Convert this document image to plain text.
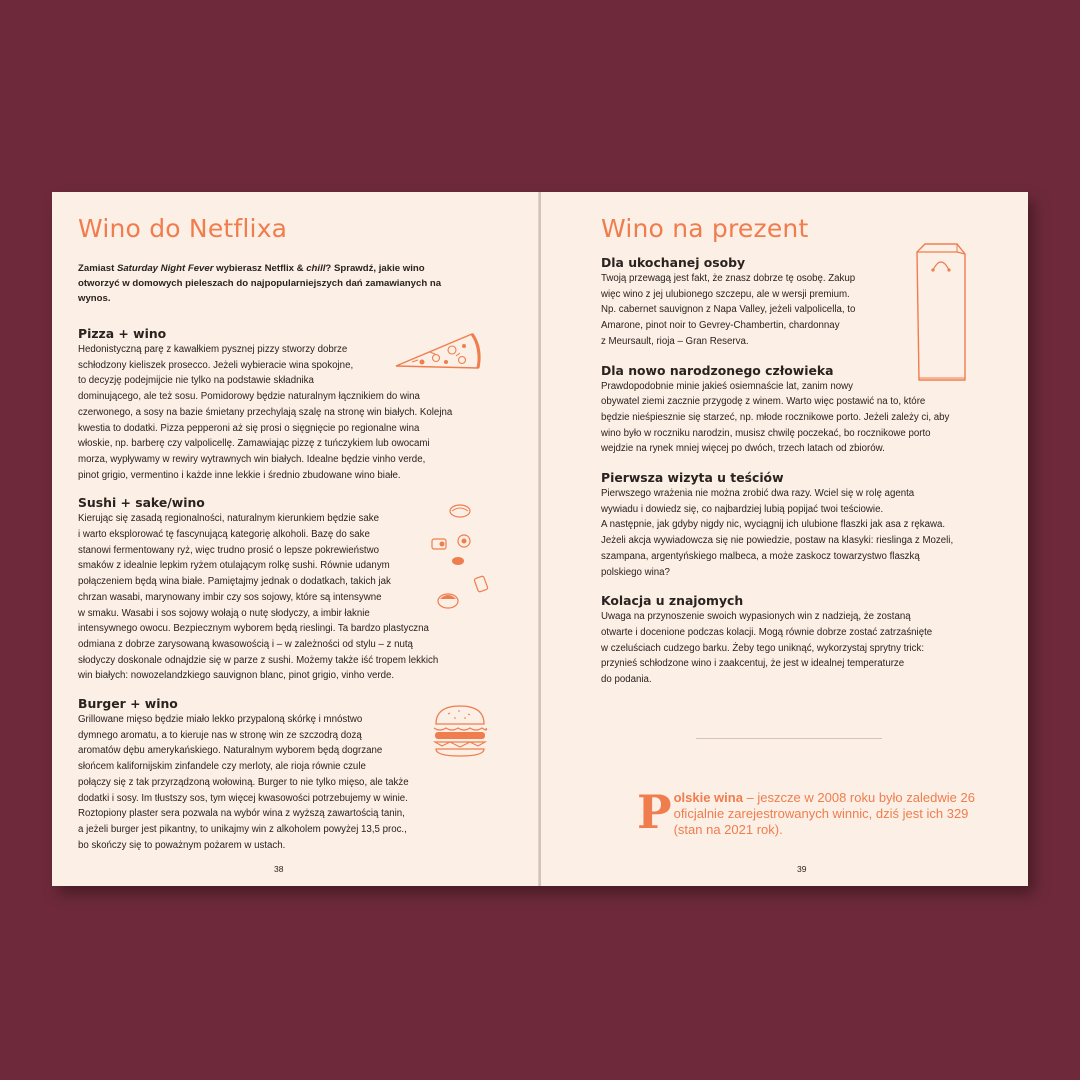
Wino do Netflixa

Zamiast Saturday Night Fever wybierasz Netflix & chill? Sprawdź, jakie wino otworzyć w domowych pieleszach do najpopularniejszych dań zamawianych na wynos.

Pizza + wino

Hedonistyczną parę z kawałkiem pysznej pizzy stworzy dobrze
schłodzony kieliszek prosecco. Jeżeli wybieracie wina spokojne,
to decyzję podejmijcie nie tylko na podstawie składnika
dominującego, ale też sosu. Pomidorowy będzie naturalnym łącznikiem do wina
czerwonego, a sosy na bazie śmietany przechylają szalę na stronę win białych. Kolejna
kwestia to dodatki. Pizza pepperoni aż się prosi o sięgnięcie po regionalne wina
włoskie, np. barberę czy valpolicellę. Zamawiając pizzę z tuńczykiem lub owocami
morza, wypływamy w rewiry wytrawnych win białych. Idealne będzie vinho verde,
pinot grigio, vermentino i każde inne lekkie i średnio zbudowane wino białe.

Sushi + sake/wino

Kierując się zasadą regionalności, naturalnym kierunkiem będzie sake
i warto eksplorować tę fascynującą kategorię alkoholi. Bazę do sake
stanowi fermentowany ryż, więc trudno prosić o lepsze pokrewieństwo
smaków z idealnie lepkim ryżem otulającym rolkę sushi. Równie udanym
połączeniem będą wina białe. Pamiętajmy jednak o dodatkach, takich jak
chrzan wasabi, marynowany imbir czy sos sojowy, które są intensywne
w smaku. Wasabi i sos sojowy wołają o nutę słodyczy, a imbir łaknie
intensywnego owocu. Bezpiecznym wyborem będą rieslingi. Ta bardzo plastyczna
odmiana z dobrze zarysowaną kwasowością i – w zależności od stylu – z nutą
słodyczy doskonale odnajdzie się w parze z sushi. Możemy także iść tropem lekkich
win białych: nowozelandzkiego sauvignon blanc, pinot grigio, vinho verde.

Burger + wino

Grillowane mięso będzie miało lekko przypaloną skórkę i mnóstwo
dymnego aromatu, a to kieruje nas w stronę win ze szczodrą dozą
aromatów dębu amerykańskiego. Naturalnym wyborem będą dogrzane
słońcem kalifornijskim zinfandele czy merloty, ale rioja równie czule
połączy się z tak przyrządzoną wołowiną. Burger to nie tylko mięso, ale także
dodatki i sosy. Im tłustszy sos, tym więcej kwasowości potrzebujemy w winie.
Roztopiony plaster sera pozwala na wybór wina z wyższą zawartością tanin,
a jeżeli burger jest pikantny, to unikajmy win z alkoholem powyżej 13,5 proc.,
bo skończy się to poważnym pożarem w ustach.

38
Wino na prezent
Dla ukochanej osoby

Twoją przewagą jest fakt, że znasz dobrze tę osobę. Zakup
więc wino z jej ulubionego szczepu, ale w wersji premium.
Np. cabernet sauvignon z Napa Valley, jeżeli valpolicella, to
Amarone, pinot noir to Gevrey-Chambertin, chardonnay
z Meursault, rioja – Gran Reserva.

Dla nowo narodzonego człowieka

Prawdopodobnie minie jakieś osiemnaście lat, zanim nowy
obywatel ziemi zacznie przygodę z winem. Warto więc postawić na to, które
będzie nieśpiesznie się starzeć, np. młode rocznikowe porto. Jeżeli zależy ci, aby
wino było w roczniku narodzin, musisz chwilę poczekać, bo rocznikowe porto
wejdzie na rynek mniej więcej po dwóch, trzech latach od zbiorów.

Pierwsza wizyta u teściów

Pierwszego wrażenia nie można zrobić dwa razy. Wciel się w rolę agenta
wywiadu i dowiedz się, co najbardziej lubią popijać twoi teściowie.
A następnie, jak gdyby nigdy nic, wyciągnij ich ulubione flaszki jak asa z rękawa.
Jeżeli akcja wywiadowcza się nie powiedzie, postaw na klasyki: rieslinga z Mozeli,
szampana, argentyńskiego malbeca, a może zaskocz towarzystwo flaszką
polskiego wina?

Kolacja u znajomych

Uwaga na przynoszenie swoich wypasionych win z nadzieją, że zostaną
otwarte i docenione podczas kolacji. Mogą równie dobrze zostać zatrzaśnięte
w czeluściach cudzego barku. Żeby tego uniknąć, wykorzystaj sprytny trick:
przynieś schłodzone wino i zaakcentuj, że jest w idealnej temperaturze
do podania.

Polskie wina – jeszcze w 2008 roku było zaledwie 26 oficjalnie zarejestrowanych winnic, dziś jest ich 329 (stan na 2021 rok).
39
